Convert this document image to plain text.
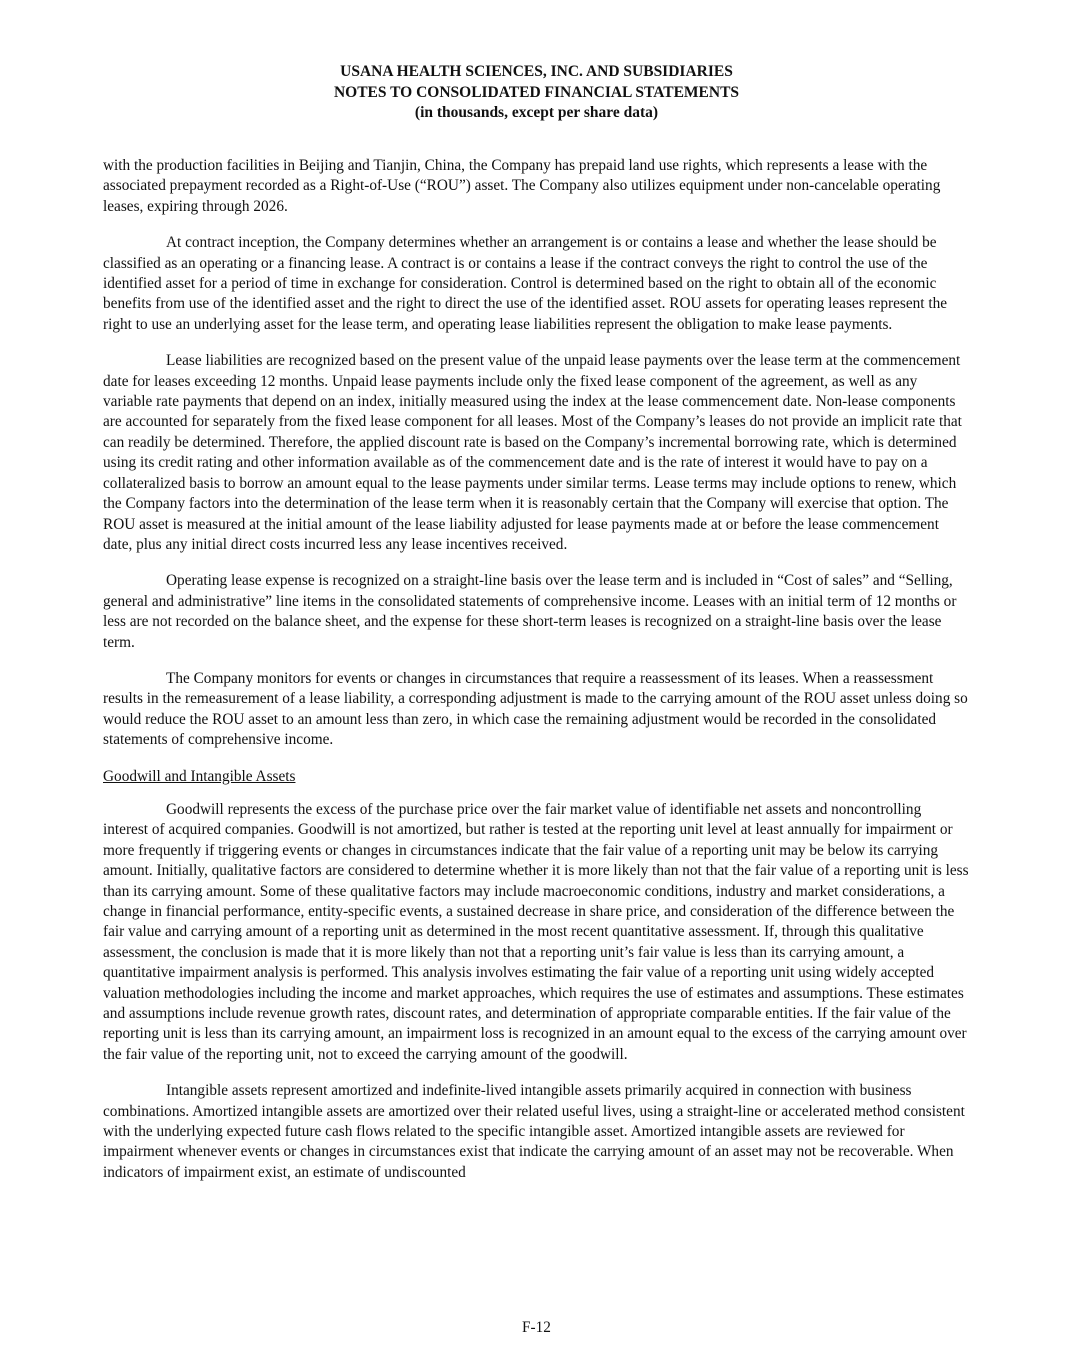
USANA HEALTH SCIENCES, INC. AND SUBSIDIARIES
NOTES TO CONSOLIDATED FINANCIAL STATEMENTS
(in thousands, except per share data)

with the production facilities in Beijing and Tianjin, China, the Company has prepaid land use rights, which represents a lease with the associated prepayment recorded as a Right-of-Use (“ROU”) asset. The Company also utilizes equipment under non-cancelable operating leases, expiring through 2026.

At contract inception, the Company determines whether an arrangement is or contains a lease and whether the lease should be classified as an operating or a financing lease. A contract is or contains a lease if the contract conveys the right to control the use of the identified asset for a period of time in exchange for consideration. Control is determined based on the right to obtain all of the economic benefits from use of the identified asset and the right to direct the use of the identified asset. ROU assets for operating leases represent the right to use an underlying asset for the lease term, and operating lease liabilities represent the obligation to make lease payments.

Lease liabilities are recognized based on the present value of the unpaid lease payments over the lease term at the commencement date for leases exceeding 12 months. Unpaid lease payments include only the fixed lease component of the agreement, as well as any variable rate payments that depend on an index, initially measured using the index at the lease commencement date. Non-lease components are accounted for separately from the fixed lease component for all leases. Most of the Company’s leases do not provide an implicit rate that can readily be determined. Therefore, the applied discount rate is based on the Company’s incremental borrowing rate, which is determined using its credit rating and other information available as of the commencement date and is the rate of interest it would have to pay on a collateralized basis to borrow an amount equal to the lease payments under similar terms. Lease terms may include options to renew, which the Company factors into the determination of the lease term when it is reasonably certain that the Company will exercise that option. The ROU asset is measured at the initial amount of the lease liability adjusted for lease payments made at or before the lease commencement date, plus any initial direct costs incurred less any lease incentives received.

Operating lease expense is recognized on a straight-line basis over the lease term and is included in “Cost of sales” and “Selling, general and administrative” line items in the consolidated statements of comprehensive income. Leases with an initial term of 12 months or less are not recorded on the balance sheet, and the expense for these short-term leases is recognized on a straight-line basis over the lease term.

The Company monitors for events or changes in circumstances that require a reassessment of its leases. When a reassessment results in the remeasurement of a lease liability, a corresponding adjustment is made to the carrying amount of the ROU asset unless doing so would reduce the ROU asset to an amount less than zero, in which case the remaining adjustment would be recorded in the consolidated statements of comprehensive income.

Goodwill and Intangible Assets

Goodwill represents the excess of the purchase price over the fair market value of identifiable net assets and noncontrolling interest of acquired companies. Goodwill is not amortized, but rather is tested at the reporting unit level at least annually for impairment or more frequently if triggering events or changes in circumstances indicate that the fair value of a reporting unit may be below its carrying amount. Initially, qualitative factors are considered to determine whether it is more likely than not that the fair value of a reporting unit is less than its carrying amount. Some of these qualitative factors may include macroeconomic conditions, industry and market considerations, a change in financial performance, entity-specific events, a sustained decrease in share price, and consideration of the difference between the fair value and carrying amount of a reporting unit as determined in the most recent quantitative assessment. If, through this qualitative assessment, the conclusion is made that it is more likely than not that a reporting unit’s fair value is less than its carrying amount, a quantitative impairment analysis is performed. This analysis involves estimating the fair value of a reporting unit using widely accepted valuation methodologies including the income and market approaches, which requires the use of estimates and assumptions. These estimates and assumptions include revenue growth rates, discount rates, and determination of appropriate comparable entities. If the fair value of the reporting unit is less than its carrying amount, an impairment loss is recognized in an amount equal to the excess of the carrying amount over the fair value of the reporting unit, not to exceed the carrying amount of the goodwill.

Intangible assets represent amortized and indefinite-lived intangible assets primarily acquired in connection with business combinations. Amortized intangible assets are amortized over their related useful lives, using a straight-line or accelerated method consistent with the underlying expected future cash flows related to the specific intangible asset. Amortized intangible assets are reviewed for impairment whenever events or changes in circumstances exist that indicate the carrying amount of an asset may not be recoverable. When indicators of impairment exist, an estimate of undiscounted

F-12
